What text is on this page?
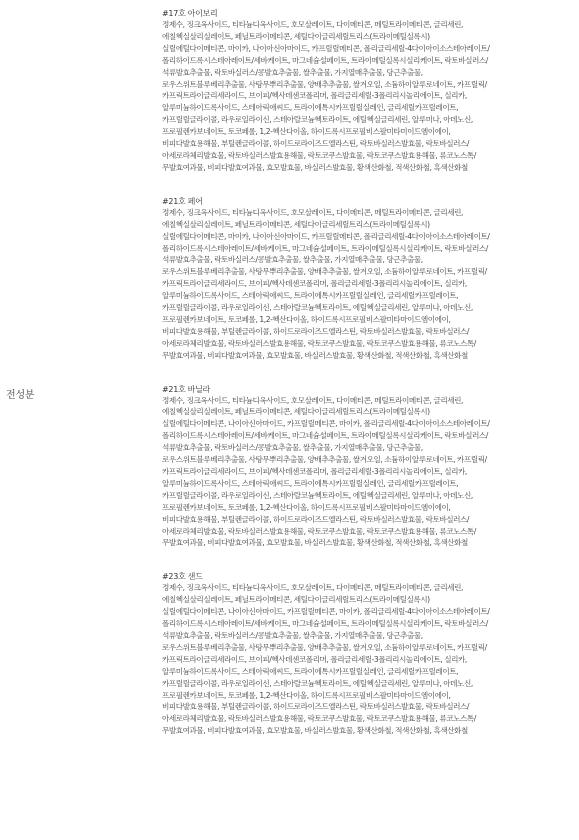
전성분
#17호 아이보리
정제수, 징크옥사이드, 티타늄디옥사이드, 호모살레이트, 다이메티콘, 메틸트라이메티콘, 글리세린,
에칠헥실살리실레이트, 페닐트라이메티콘, 세틸다이글리세릴트리스(트라이메틸실록시)
실릴에틸다이메티콘, 마이카, 나이아신아마이드, 카프릴릴메티콘, 폴리글리세릴-4다이아이소스테아레이트/
폴리하이드록시스테아레이트/세바케이트, 마그네슘설페이트, 트라이메틸실록시실리케이트, 락토바실러스/
석류발효추출물, 락토바실러스/콩발효추출물, 쌀추출물, 가지열매추출물, 당근추출물,
로우스위트블루베리추출물, 사탕무뿌리추출물, 양배추추출물, 쌀겨오일, 소듐하이알루로네이트, 카프릴릭/
카프릭트라이글리세라이드, 브이피/헥사데센코폴리머, 폴리글리세릴-3폴리리시놀리에이트, 실리카,
알루미늄하이드록사이드, 스테아릭애씨드, 트라이에톡시카프릴릴실레인, 글리세릴카프릴레이트,
카프릴릴글라이콜, 라우로일라이신, 스테아랄코늄헥토라이트, 에틸헥실글리세린, 알루미나, 아데노신,
프로필렌카보네이트, 토코페롤, 1,2-헥산다이올, 하이드록시프로필비스팔미타미이드엠이에이,
비피다발효용해물, 부틸렌글라이콜, 하이드로라이즈드엘라스틴, 락토바실러스발효물, 락토바실러스/
아세로라체리발효물, 락토바실러스발효용해물, 락토코쿠스발효물, 락토코쿠스발효용해물, 류코노스톡/
무발효여과물, 비피다발효여과물, 효모발효물, 바실러스발효물, 황색산화철, 적색산화철, 흑색산화철
#21호 페어
정제수, 징크옥사이드, 티타늄디옥사이드, 호모살레이트, 다이메티콘, 메틸트라이메티콘, 글리세린,
에칠헥실살리실레이트, 페닐트라이메티콘, 세틸다이글리세릴트리스(트라이메틸실록시)
실릴에틸다이메티콘, 마이카, 나이아신아마이드, 카프릴릴메티콘, 폴리글리세릴-4다이아이소스테아레이트/
폴리하이드록시스테아레이트/세바케이트, 마그네슘설페이트, 트라이메틸실록시실리케이트, 락토바실러스/
석류발효추출물, 락토바실러스/콩발효추출물, 쌀추출물, 가지열매추출물, 당근추출물,
로우스위트블루베리추출물, 사탕무뿌리추출물, 양배추추출물, 쌀겨오일, 소듐하이알루로네이트, 카프릴릭/
카프릭트라이글리세라이드, 브이피/헥사데센코폴리머, 폴리글리세릴-3폴리리시놀리에이트, 실리카,
알루미늄하이드록사이드, 스테아릭애씨드, 트라이에톡시카프릴릴실레인, 글리세릴카프릴레이트,
카프릴릴글라이콜, 라우로일라이신, 스테아랄코늄헥토라이트, 에틸헥실글리세린, 알루미나, 아데노신,
프로필렌카보네이트, 토코페롤, 1,2-헥산다이올, 하이드록시프로필비스팔미타마이드엠이에이,
비피다발효용해물, 부틸렌글라이콜, 하이드로라이즈드엘라스틴, 락토바실러스발효물, 락토바실러스/
아세로라체리발효물, 락토바실러스발효용해물, 락토코쿠스발효물, 락토코쿠스발효용해물, 류코노스톡/
무발효여과물, 비피다발효여과물, 효모발효물, 바실러스발효물, 황색산화철, 적색산화철, 흑색산화철
#21호 바닐라
정제수, 징크옥사이드, 티타늄디옥사이드, 호모살레이트, 다이메티콘, 메틸트라이메티콘, 글리세린,
에칠헥실살리실레이트, 페닐트라이메티콘, 세틸다이글리세릴트리스(트라이메틸실록시)
실릴에틸다이메티콘, 나이아신아마이드, 카프릴릴메티콘, 마이카, 폴리글리세릴-4다이아이소스테아레이트/
폴리하이드록시스테아레이트/세바케이트, 마그네슘설페이트, 트라이메틸실록시실리케이트, 락토바실러스/
석류발효추출물, 락토바실러스/콩발효추출물, 쌀추출물, 가지열매추출물, 당근추출물,
로우스위트블루베리추출물, 사탕무뿌리추출물, 양배추추출물, 쌀겨오일, 소듐하이알루로네이트, 카프릴릭/
카프릭트라이글리세라이드, 브이피/헥사데센코폴리머, 폴리글리세릴-3폴리리시놀리에이트, 실리카,
알루미늄하이드록사이드, 스테아릭애씨드, 트라이에톡시카프릴릴실레인, 글리세릴카프릴레이트,
카프릴릴글라이콜, 라우로일라이신, 스테아랄코늄헥토라이트, 에틸헥실글리세린, 알루미나, 아데노신,
프로필렌카보네이트, 토코페롤, 1,2-헥산다이올, 하이드록시프로필비스팔미타마이드엠이에이,
비피다발효용해물, 부틸렌글라이콜, 하이드로라이즈드엘라스틴, 락토바실러스발효물, 락토바실러스/
아세로라체리발효물, 락토바실러스발효용해물, 락토코쿠스발효물, 락토코쿠스발효용해물, 류코노스톡/
무발효여과물, 비피다발효여과물, 효모발효물, 바실러스발효물, 황색산화철, 적색산화철, 흑색산화철
#23호 샌드
정제수, 징크옥사이드, 티타늄디옥사이드, 호모살레이트, 다이메티콘, 메틸트라이메티콘, 글리세린,
에칠헥실살리실레이트, 페닐트라이메티콘, 세틸다이글리세릴트리스(트라이메틸실록시)
실릴에틸다이메티콘, 나이아신아마이드, 카프릴릴메티콘, 마이카, 폴리글리세릴-4다이아이소스테아레이트/
폴리하이드록시스테아레이트/세바케이트, 마그네슘설페이트, 트라이메틸실록시실리케이트, 락토바실러스/
석류발효추출물, 락토바실러스/콩발효추출물, 쌀추출물, 가지열매추출물, 당근추출물,
로우스위트블루베리추출물, 사탕무뿌리추출물, 양배추추출물, 쌀겨오일, 소듐하이알루로네이트, 카프릴릭/
카프릭트라이글리세라이드, 브이피/헥사데센코폴리머, 폴리글리세릴-3폴리리시놀리에이트, 실리카,
알루미늄하이드록사이드, 스테아릭애씨드, 트라이에톡시카프릴릴실레인, 글리세릴카프릴레이트,
카프릴릴글라이콜, 라우로일라이신, 스테아랄코늄헥토라이트, 에틸헥실글리세린, 알루미나, 아데노신,
프로필렌카보네이트, 토코페롤, 1,2-헥산다이올, 하이드록시프로필비스팔미타마이드엠이에이,
비피다발효용해물, 부틸렌글라이콜, 하이드로라이즈드엘라스틴, 락토바실러스발효물, 락토바실러스/
아세로라체리발효물, 락토바실러스발효용해물, 락토코쿠스발효물, 락토코쿠스발효용해물, 류코노스톡/
무발효여과물, 비피다발효여과물, 효모발효물, 바실러스발효물, 황색산화철, 적색산화철, 흑색산화철
